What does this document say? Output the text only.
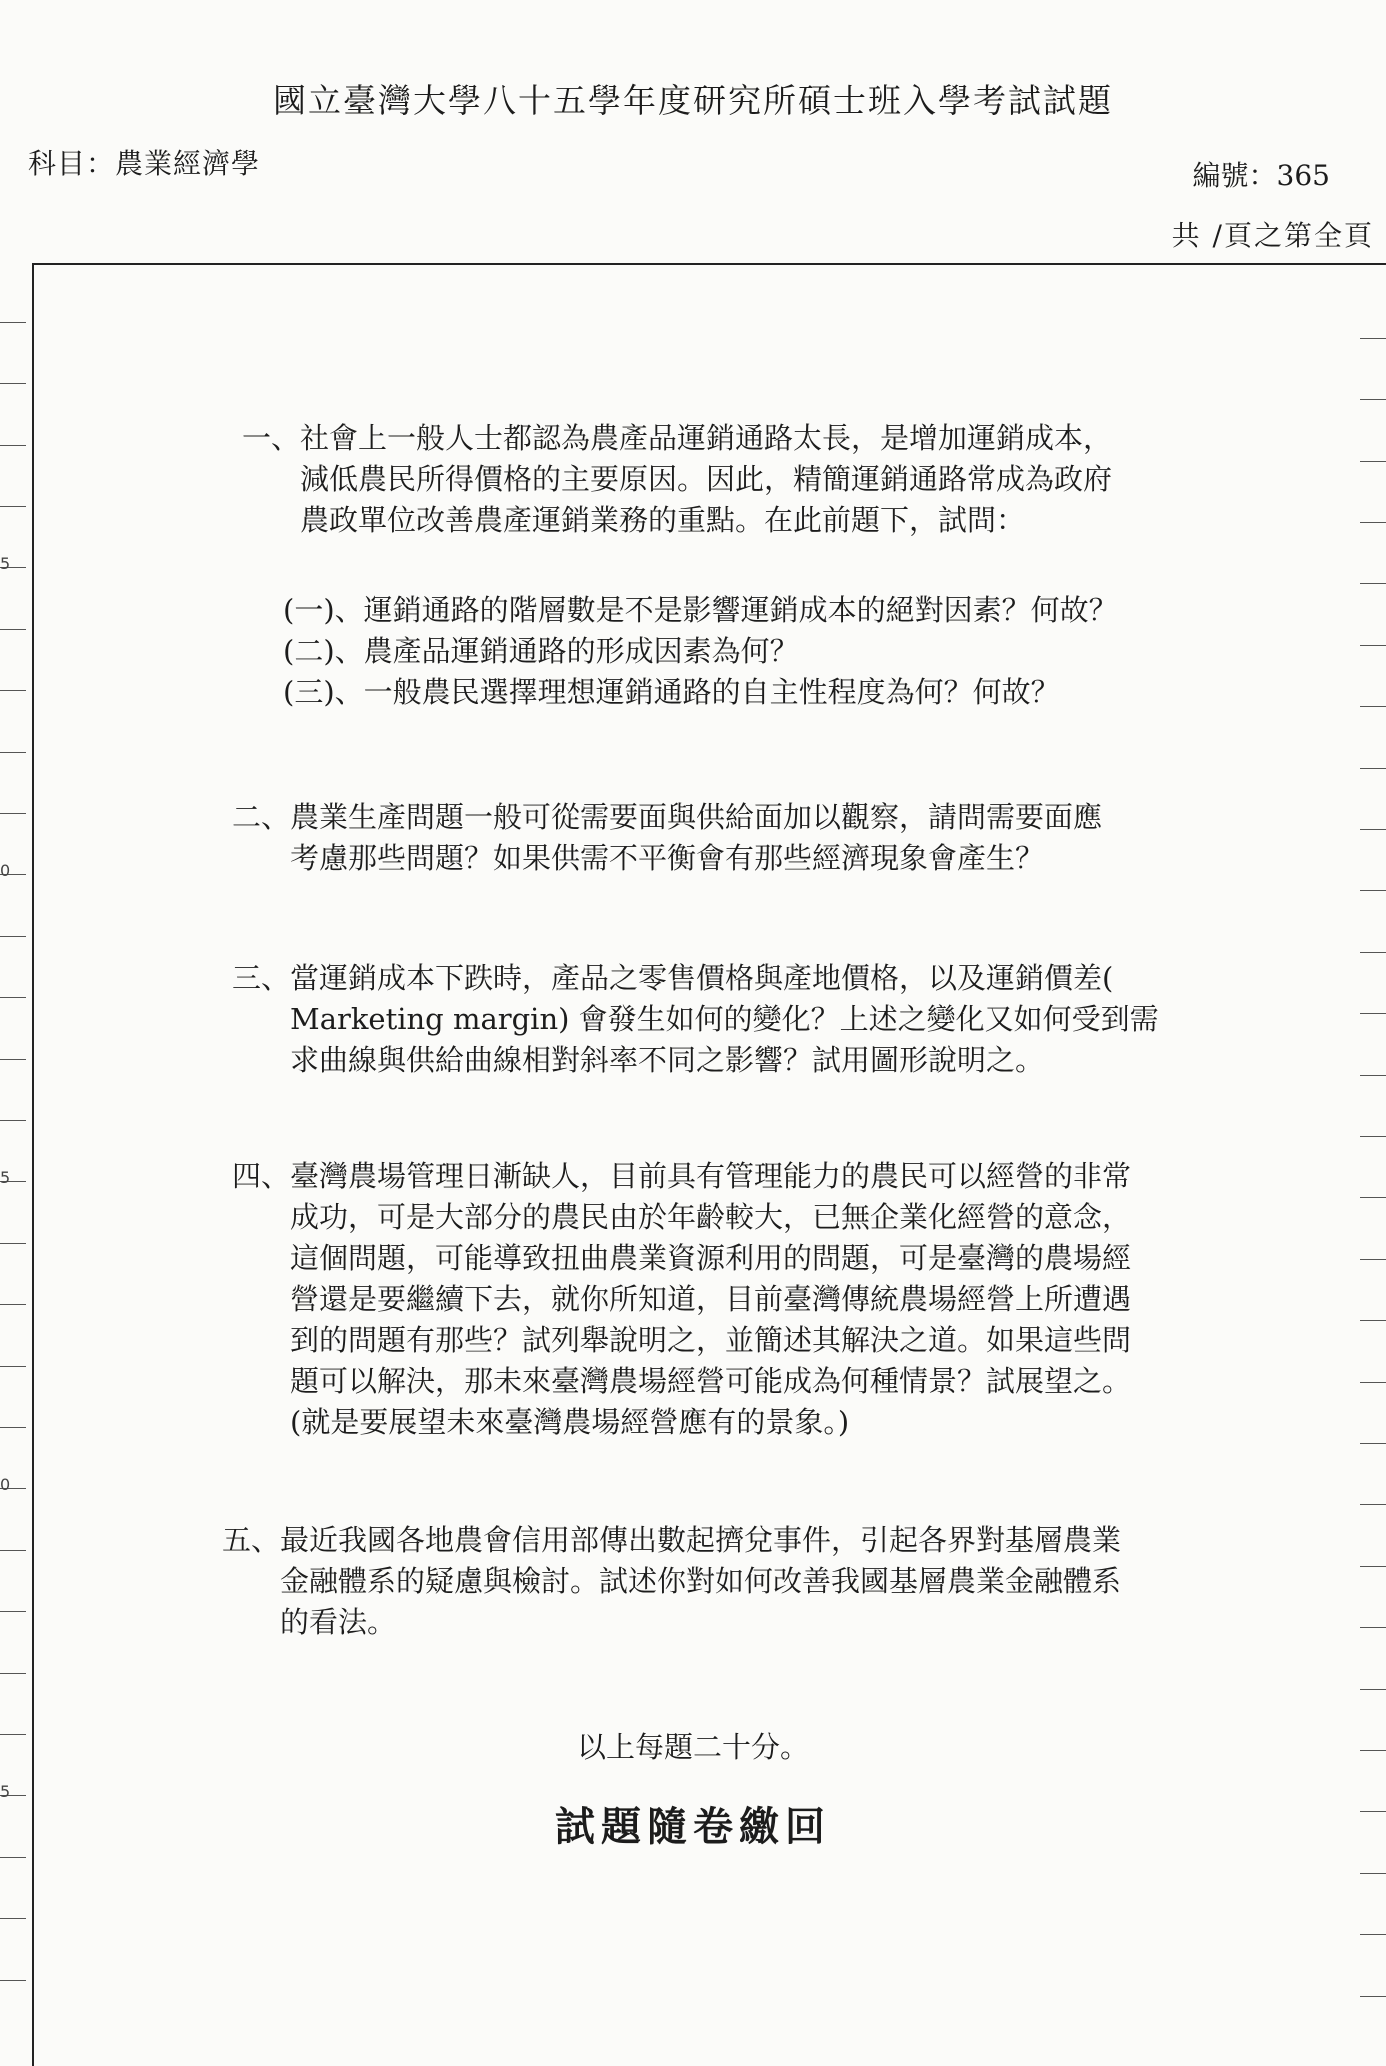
國立臺灣大學八十五學年度研究所碩士班入學考試試題
科目：農業經濟學	編號：365
共 /頁之第全頁
一、 社會上一般人士都認為農產品運銷通路太長，是增加運銷成本，
減低農民所得價格的主要原因。因此，精簡運銷通路常成為政府
農政單位改善農產運銷業務的重點。在此前題下，試問：
(一)、運銷通路的階層數是不是影響運銷成本的絕對因素？何故？
(二)、農產品運銷通路的形成因素為何？
(三)、一般農民選擇理想運銷通路的自主性程度為何？何故？
二、 農業生產問題一般可從需要面與供給面加以觀察，請問需要面應
考慮那些問題？如果供需不平衡會有那些經濟現象會產生？
三、 當運銷成本下跌時，產品之零售價格與產地價格，以及運銷價差(
Marketing margin) 會發生如何的變化？上述之變化又如何受到需
求曲線與供給曲線相對斜率不同之影響？試用圖形說明之。
四、 臺灣農場管理日漸缺人，目前具有管理能力的農民可以經營的非常
成功，可是大部分的農民由於年齡較大，已無企業化經營的意念，
這個問題，可能導致扭曲農業資源利用的問題，可是臺灣的農場經
營還是要繼續下去，就你所知道，目前臺灣傳統農場經營上所遭遇
到的問題有那些？試列舉說明之，並簡述其解決之道。如果這些問
題可以解決，那未來臺灣農場經營可能成為何種情景？試展望之。
(就是要展望未來臺灣農場經營應有的景象。)
五、 最近我國各地農會信用部傳出數起擠兌事件，引起各界對基層農業
金融體系的疑慮與檢討。試述你對如何改善我國基層農業金融體系
的看法。
以上每題二十分。
試題隨卷繳回
5
0
5
0
5
